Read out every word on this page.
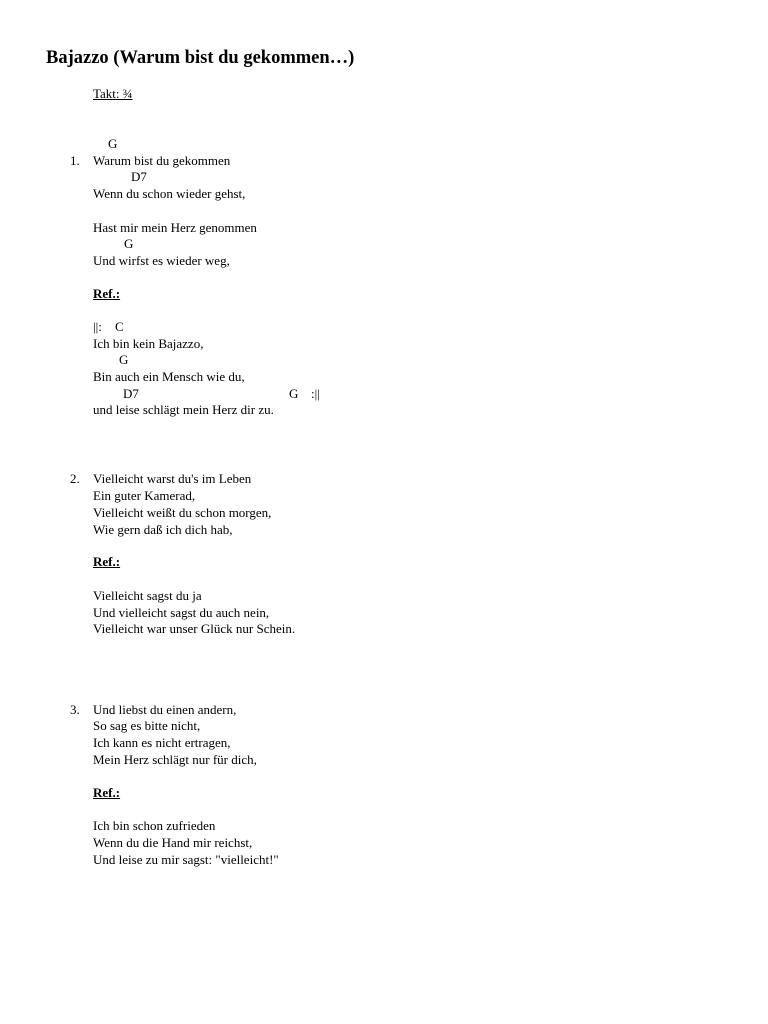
Bajazzo (Warum bist du gekommen…)
Takt: ¾
G
1. Warum bist du gekommen
D7
Wenn du schon wieder gehst,
Hast mir mein Herz genommen
G
Und wirfst es wieder weg,
Ref.:
||: C
Ich bin kein Bajazzo,
G
Bin auch ein Mensch wie du,
D7	G :||
und leise schlägt mein Herz dir zu.
2. Vielleicht warst du's im Leben
Ein guter Kamerad,
Vielleicht weißt du schon morgen,
Wie gern daß ich dich hab,
Ref.:
Vielleicht sagst du ja
Und vielleicht sagst du auch nein,
Vielleicht war unser Glück nur Schein.
3. Und liebst du einen andern,
So sag es bitte nicht,
Ich kann es nicht ertragen,
Mein Herz schlägt nur für dich,
Ref.:
Ich bin schon zufrieden
Wenn du die Hand mir reichst,
Und leise zu mir sagst: "vielleicht!"
